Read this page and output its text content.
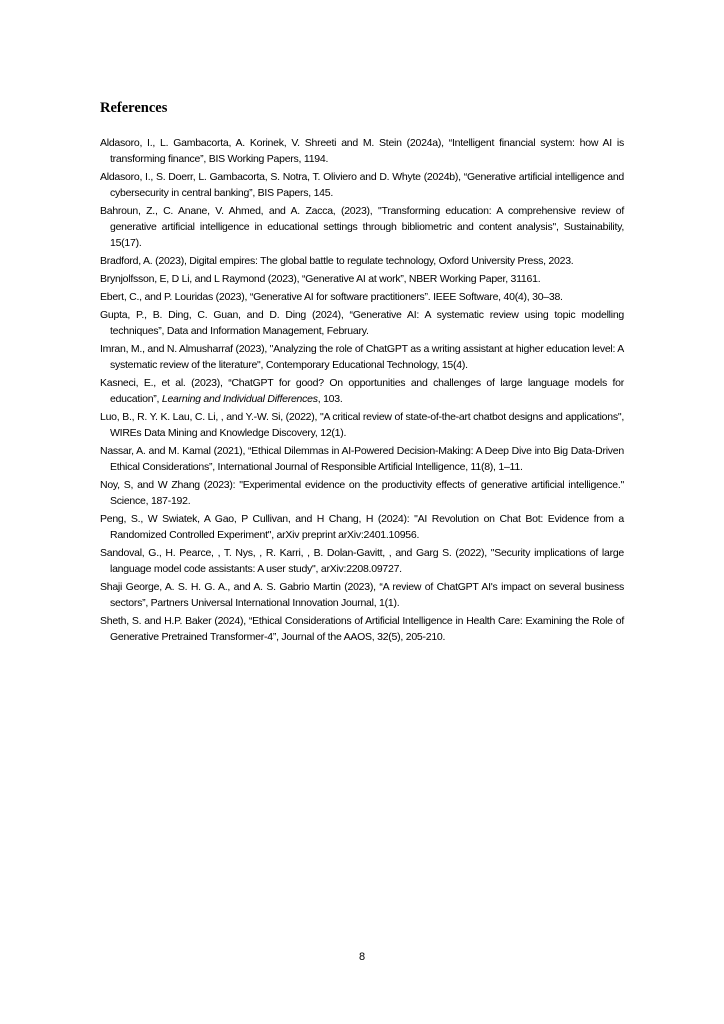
References
Aldasoro, I., L. Gambacorta, A. Korinek, V. Shreeti and M. Stein (2024a), “Intelligent financial system: how AI is transforming finance”, BIS Working Papers, 1194.
Aldasoro, I., S. Doerr, L. Gambacorta, S. Notra, T. Oliviero and D. Whyte (2024b), “Generative artificial intelligence and cybersecurity in central banking”, BIS Papers, 145.
Bahroun, Z., C. Anane, V. Ahmed, and A. Zacca, (2023), "Transforming education: A comprehensive review of generative artificial intelligence in educational settings through bibliometric and content analysis", Sustainability, 15(17).
Bradford, A. (2023), Digital empires: The global battle to regulate technology, Oxford University Press, 2023.
Brynjolfsson, E, D Li, and L Raymond (2023), “Generative AI at work”, NBER Working Paper, 31161.
Ebert, C., and P. Louridas (2023), “Generative AI for software practitioners”. IEEE Software, 40(4), 30–38.
Gupta, P., B. Ding, C. Guan, and D. Ding (2024), “Generative AI: A systematic review using topic modelling techniques”, Data and Information Management, February.
Imran, M., and N. Almusharraf (2023), "Analyzing the role of ChatGPT as a writing assistant at higher education level: A systematic review of the literature", Contemporary Educational Technology, 15(4).
Kasneci, E., et al. (2023), “ChatGPT for good? On opportunities and challenges of large language models for education”, Learning and Individual Differences, 103.
Luo, B., R. Y. K. Lau, C. Li, , and Y.-W. Si, (2022), "A critical review of state-of-the-art chatbot designs and applications", WIREs Data Mining and Knowledge Discovery, 12(1).
Nassar, A. and M. Kamal (2021), “Ethical Dilemmas in AI-Powered Decision-Making: A Deep Dive into Big Data-Driven Ethical Considerations”, International Journal of Responsible Artificial Intelligence, 11(8), 1–11.
Noy, S, and W Zhang (2023): "Experimental evidence on the productivity effects of generative artificial intelligence." Science, 187-192.
Peng, S., W Swiatek, A Gao, P Cullivan, and H Chang, H (2024): "AI Revolution on Chat Bot: Evidence from a Randomized Controlled Experiment", arXiv preprint arXiv:2401.10956.
Sandoval, G., H. Pearce, , T. Nys, , R. Karri, , B. Dolan-Gavitt, , and Garg S. (2022), "Security implications of large language model code assistants: A user study", arXiv:2208.09727.
Shaji George, A. S. H. G. A., and A. S. Gabrio Martin (2023), “A review of ChatGPT AI's impact on several business sectors”, Partners Universal International Innovation Journal, 1(1).
Sheth, S. and H.P. Baker (2024), “Ethical Considerations of Artificial Intelligence in Health Care: Examining the Role of Generative Pretrained Transformer-4”, Journal of the AAOS, 32(5), 205-210.
8
